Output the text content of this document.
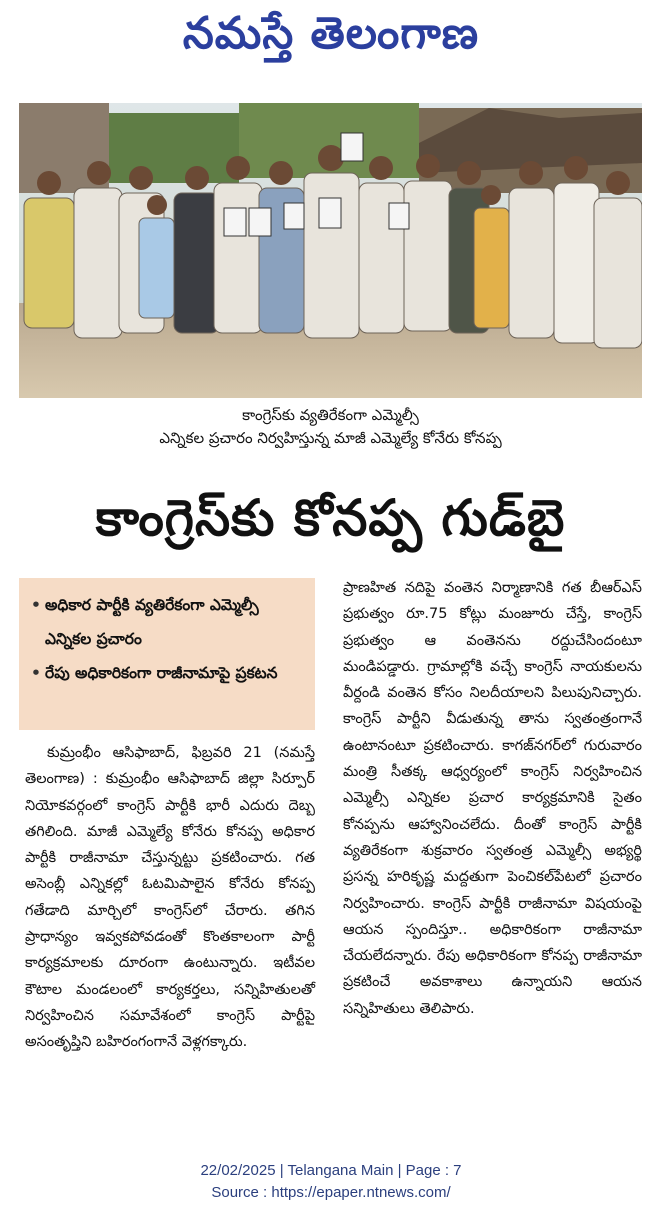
నమస్తే తెలంగాణ
కాంగ్రెస్‌కు వ్యతిరేకంగా ఎమ్మెల్సీ
ఎన్నికల ప్రచారం నిర్వహిస్తున్న మాజీ ఎమ్మెల్యే కోనేరు కోనప్ప
కాంగ్రెస్‌కు కోనప్ప గుడ్‌బై
• అధికార పార్టీకి వ్యతిరేకంగా ఎమ్మెల్సీ ఎన్నికల ప్రచారం
• రేపు అధికారికంగా రాజీనామాపై ప్రకటన

కుమ్రంభీం ఆసిఫాబాద్, ఫిబ్రవరి 21 (నమస్తే తెలంగాణ) : కుమ్రంభీం ఆసిఫాబాద్ జిల్లా సిర్పూర్ నియోకవర్గంలో కాంగ్రెస్ పార్టీకి భారీ ఎదురు దెబ్బ తగిలింది. మాజీ ఎమ్మెల్యే కోనేరు కోనప్ప అధికార పార్టీకి రాజీనామా చేస్తున్నట్టు ప్రకటించారు. గత అసెంబ్లీ ఎన్నికల్లో ఓటమిపాలైన కోనేరు కోనప్ప గతేడాది మార్చిలో కాంగ్రెస్‌లో చేరారు. తగిన ప్రాధాన్యం ఇవ్వకపోవడంతో కొంతకాలంగా పార్టీ కార్యక్రమాలకు దూరంగా ఉంటున్నారు. ఇటీవల కౌటాల మండలంలో కార్యకర్తలు, సన్నిహితులతో నిర్వహించిన సమావేశంలో కాంగ్రెస్ పార్టీపై అసంతృప్తిని బహిరంగంగానే వెళ్లగక్కారు.

ప్రాణహిత నదిపై వంతెన నిర్మాణానికి గత బీఆర్‌ఎస్ ప్రభుత్వం రూ.75 కోట్లు మంజూరు చేస్తే, కాంగ్రెస్ ప్రభుత్వం ఆ వంతెనను రద్దుచేసిందంటూ మండిపడ్డారు. గ్రామాల్లోకి వచ్చే కాంగ్రెస్ నాయకులను వీర్దండి వంతెన కోసం నిలదీయాలని పిలుపునిచ్చారు. కాంగ్రెస్ పార్టీని వీడుతున్న తాను స్వతంత్రంగానే ఉంటానంటూ ప్రకటించారు. కాగజ్‌నగర్‌లో గురువారం మంత్రి సీతక్క ఆధ్వర్యంలో కాంగ్రెస్ నిర్వహించిన ఎమ్మెల్సీ ఎన్నికల ప్రచార కార్యక్రమానికి సైతం కోనప్పను ఆహ్వానించలేదు. దీంతో కాంగ్రెస్ పార్టీకి వ్యతిరేకంగా శుక్రవారం స్వతంత్ర ఎమ్మెల్సీ అభ్యర్థి ప్రసన్న హరికృష్ణ మద్దతుగా పెంచికల్‌పేటలో ప్రచారం నిర్వహించారు. కాంగ్రెస్ పార్టీకి రాజీనామా విషయంపై ఆయన స్పందిస్తూ.. అధికారికంగా రాజీనామా చేయలేదన్నారు. రేపు అధికారికంగా కోనప్ప రాజీనామా ప్రకటించే అవకాశాలు ఉన్నాయని ఆయన సన్నిహితులు తెలిపారు.

22/02/2025 | Telangana Main | Page : 7
Source : https://epaper.ntnews.com/
